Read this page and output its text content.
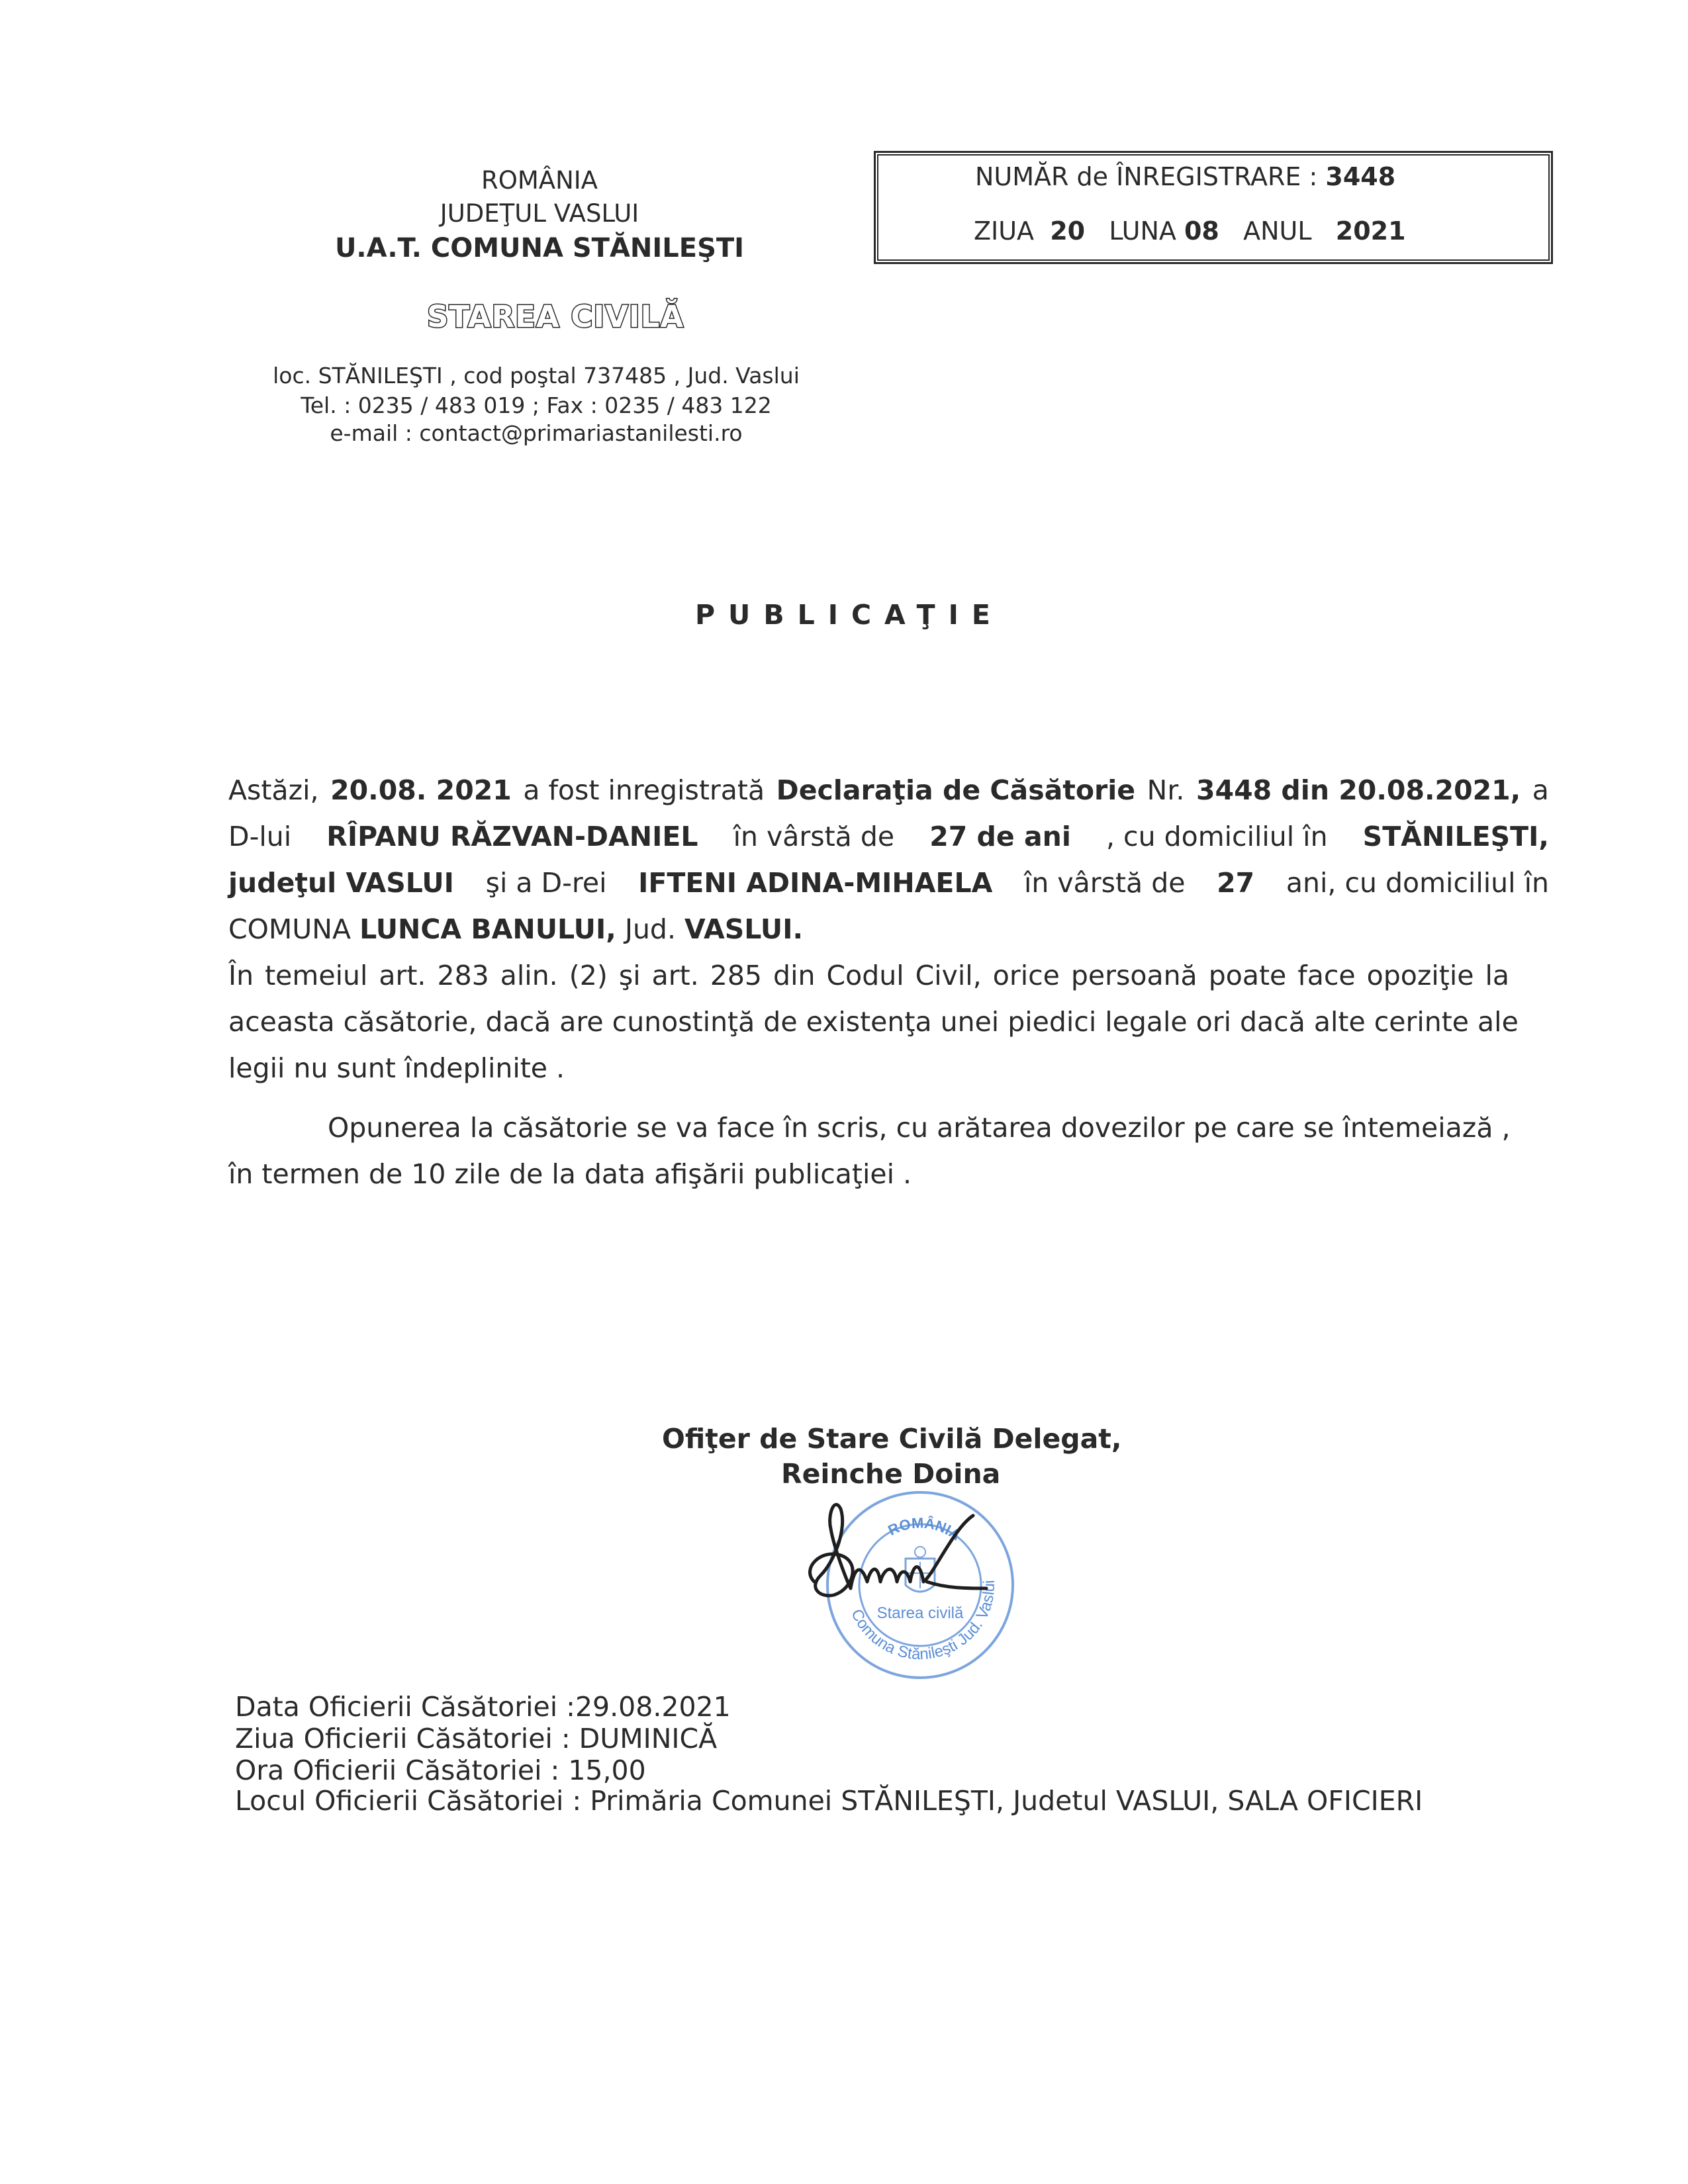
ROMÂNIA
JUDEŢUL VASLUI
U.A.T. COMUNA STĂNILEŞTI
STAREA CIVILĂ
loc. STĂNILEŞTI , cod poştal 737485 , Jud. Vaslui
Tel. : 0235 / 483 019 ; Fax : 0235 / 483 122
e-mail : contact@primariastanilesti.ro
NUMĂR de ÎNREGISTRARE : 3448
ZIUA 20 LUNA 08 ANUL 2021
PUBLICAŢIE
Astăzi, 20.08. 2021 a fost inregistrată Declaraţia de Căsătorie Nr. 3448 din 20.08.2021, a
D-lui RÎPANU RĂZVAN-DANIEL în vârstă de 27 de ani , cu domiciliul în STĂNILEŞTI,
judeţul VASLUI şi a D-rei IFTENI ADINA-MIHAELA în vârstă de 27 ani, cu domiciliul în
COMUNA LUNCA BANULUI, Jud. VASLUI.
În temeiul art. 283 alin. (2) şi art. 285 din Codul Civil, orice persoană poate face opoziţie la
aceasta căsătorie, dacă are cunostinţă de existenţa unei piedici legale ori dacă alte cerinte ale
legii nu sunt îndeplinite .
Opunerea la căsătorie se va face în scris, cu arătarea dovezilor pe care se întemeiază ,
în termen de 10 zile de la data afişării publicaţiei .
Ofiţer de Stare Civilă Delegat,
Reinche Doina
Comuna Stănileşti Jud. Vaslui
ROMÂNIA
Starea civilă
Data Oficierii Căsătoriei :29.08.2021
Ziua Oficierii Căsătoriei : DUMINICĂ
Ora Oficierii Căsătoriei : 15,00
Locul Oficierii Căsătoriei : Primăria Comunei STĂNILEŞTI, Judetul VASLUI, SALA OFICIERI
